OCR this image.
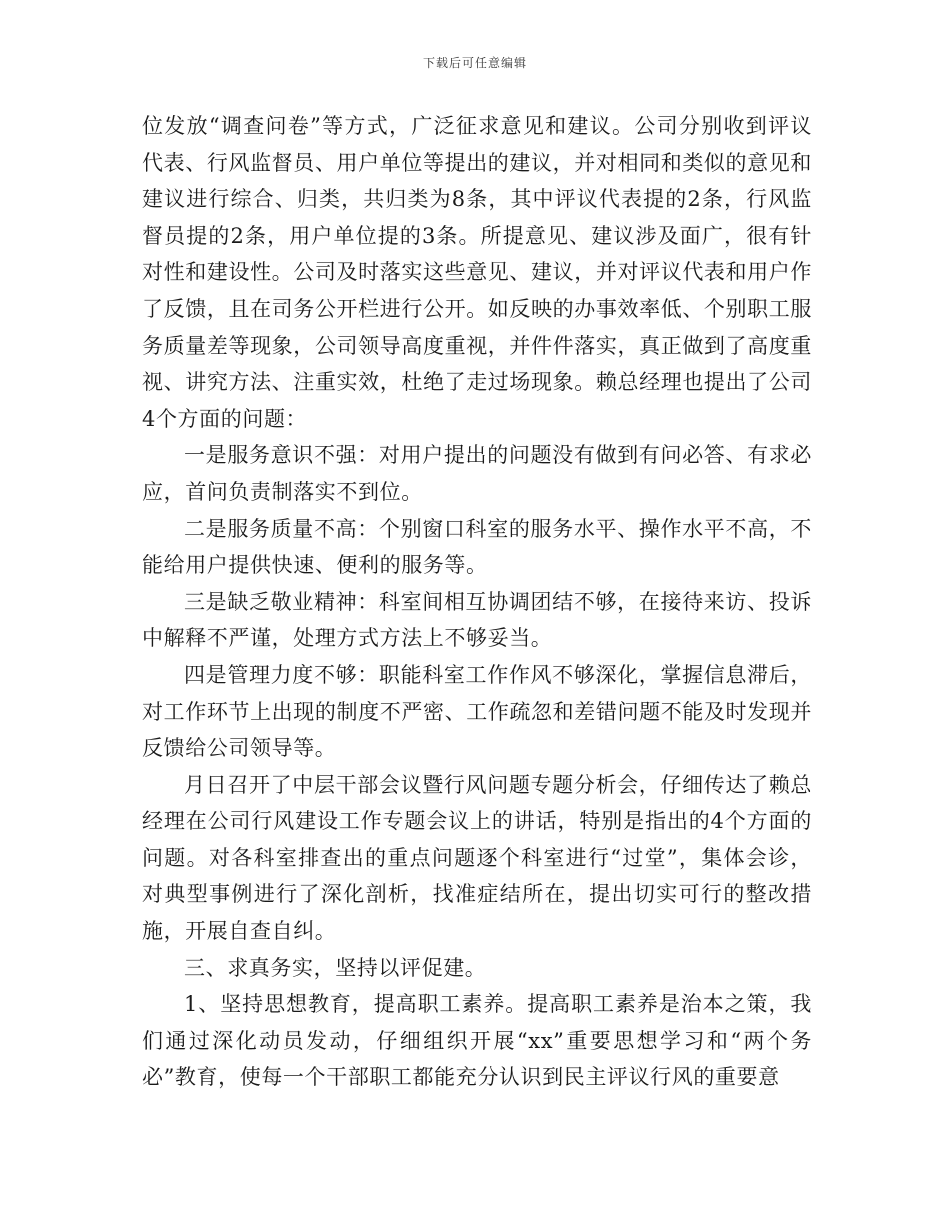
下载后可任意编辑

位发放“调查问卷”等方式，广泛征求意见和建议。公司分别收到评议代表、行风监督员、用户单位等提出的建议，并对相同和类似的意见和建议进行综合、归类，共归类为8条，其中评议代表提的2条，行风监督员提的2条，用户单位提的3条。所提意见、建议涉及面广，很有针对性和建设性。公司及时落实这些意见、建议，并对评议代表和用户作了反馈，且在司务公开栏进行公开。如反映的办事效率低、个别职工服务质量差等现象，公司领导高度重视，并件件落实，真正做到了高度重视、讲究方法、注重实效，杜绝了走过场现象。赖总经理也提出了公司4个方面的问题：

一是服务意识不强：对用户提出的问题没有做到有问必答、有求必应，首问负责制落实不到位。

二是服务质量不高：个别窗口科室的服务水平、操作水平不高，不能给用户提供快速、便利的服务等。

三是缺乏敬业精神：科室间相互协调团结不够，在接待来访、投诉中解释不严谨，处理方式方法上不够妥当。

四是管理力度不够：职能科室工作作风不够深化，掌握信息滞后，对工作环节上出现的制度不严密、工作疏忽和差错问题不能及时发现并反馈给公司领导等。

月日召开了中层干部会议暨行风问题专题分析会，仔细传达了赖总经理在公司行风建设工作专题会议上的讲话，特别是指出的4个方面的问题。对各科室排查出的重点问题逐个科室进行“过堂”，集体会诊，对典型事例进行了深化剖析，找准症结所在，提出切实可行的整改措施，开展自查自纠。

三、求真务实，坚持以评促建。

1、坚持思想教育，提高职工素养。提高职工素养是治本之策，我们通过深化动员发动，仔细组织开展“xx”重要思想学习和“两个务必”教育，使每一个干部职工都能充分认识到民主评议行风的重要意
